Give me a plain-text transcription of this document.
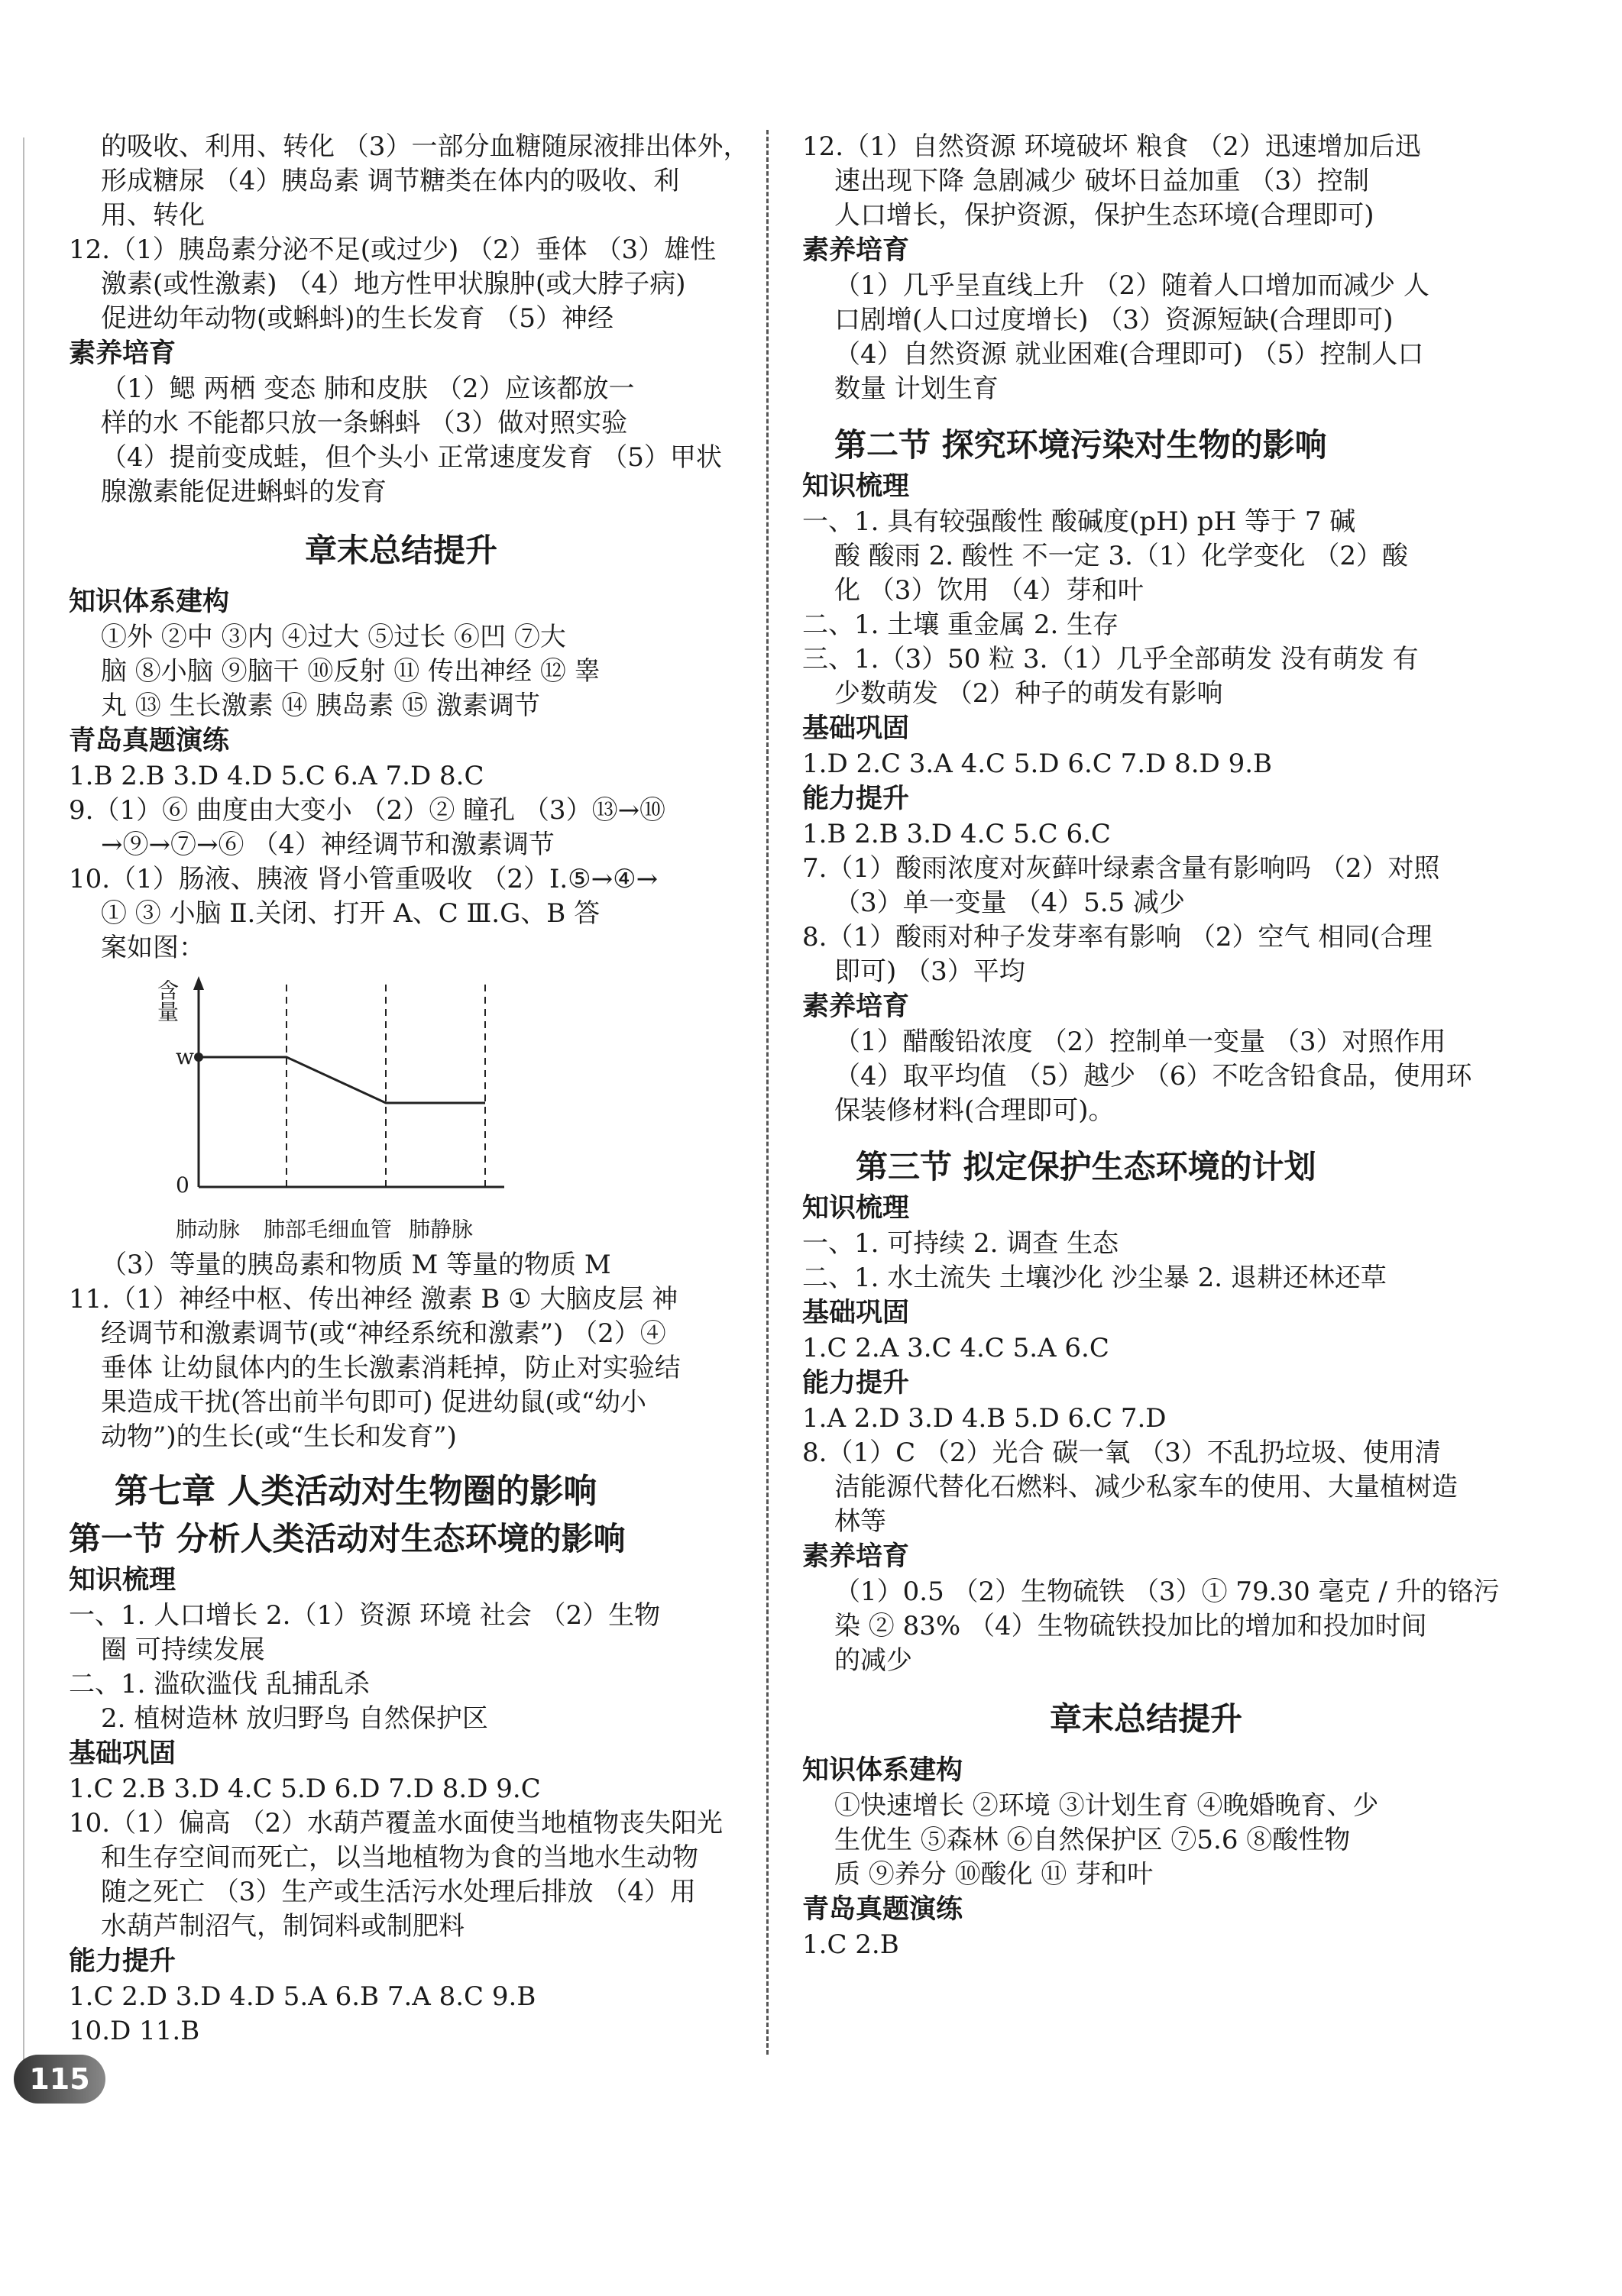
的吸收、利用、转化 （3）一部分血糖随尿液排出体外，

形成糖尿 （4）胰岛素 调节糖类在体内的吸收、利

用、转化

12.（1）胰岛素分泌不足(或过少) （2）垂体 （3）雄性

激素(或性激素) （4）地方性甲状腺肿(或大脖子病)

促进幼年动物(或蝌蚪)的生长发育 （5）神经

素养培育

（1）鳃 两栖 变态 肺和皮肤 （2）应该都放一

样的水 不能都只放一条蝌蚪 （3）做对照实验

（4）提前变成蛙，但个头小 正常速度发育 （5）甲状

腺激素能促进蝌蚪的发育

章末总结提升

知识体系建构

①外 ②中 ③内 ④过大 ⑤过长 ⑥凹 ⑦大

脑 ⑧小脑 ⑨脑干 ⑩反射 ⑪ 传出神经 ⑫ 睾

丸 ⑬ 生长激素 ⑭ 胰岛素 ⑮ 激素调节

青岛真题演练

1.B 2.B 3.D 4.D 5.C 6.A 7.D 8.C

9.（1）⑥ 曲度由大变小 （2）② 瞳孔 （3）⑬→⑩

→⑨→⑦→⑥ （4）神经调节和激素调节

10.（1）肠液、胰液 肾小管重吸收 （2）Ⅰ.⑤→④→

① ③ 小脑 Ⅱ.关闭、打开 A、C Ⅲ.G、B 答

案如图：

含量
w
0
肺动脉 肺部毛细血管 肺静脉

（3）等量的胰岛素和物质 M 等量的物质 M

11.（1）神经中枢、传出神经 激素 B ① 大脑皮层 神

经调节和激素调节(或“神经系统和激素”) （2）④

垂体 让幼鼠体内的生长激素消耗掉，防止对实验结

果造成干扰(答出前半句即可) 促进幼鼠(或“幼小

动物”)的生长(或“生长和发育”)

第七章 人类活动对生物圈的影响

第一节 分析人类活动对生态环境的影响

知识梳理

一、1. 人口增长 2.（1）资源 环境 社会 （2）生物

圈 可持续发展

二、1. 滥砍滥伐 乱捕乱杀

2. 植树造林 放归野鸟 自然保护区

基础巩固

1.C 2.B 3.D 4.C 5.D 6.D 7.D 8.D 9.C

10.（1）偏高 （2）水葫芦覆盖水面使当地植物丧失阳光

和生存空间而死亡，以当地植物为食的当地水生动物

随之死亡 （3）生产或生活污水处理后排放 （4）用

水葫芦制沼气，制饲料或制肥料

能力提升

1.C 2.D 3.D 4.D 5.A 6.B 7.A 8.C 9.B

10.D 11.B

12.（1）自然资源 环境破坏 粮食 （2）迅速增加后迅

速出现下降 急剧减少 破坏日益加重 （3）控制

人口增长，保护资源，保护生态环境(合理即可)

素养培育

（1）几乎呈直线上升 （2）随着人口增加而减少 人

口剧增(人口过度增长) （3）资源短缺(合理即可)

（4）自然资源 就业困难(合理即可) （5）控制人口

数量 计划生育

第二节 探究环境污染对生物的影响

知识梳理

一、1. 具有较强酸性 酸碱度(pH) pH 等于 7 碱

酸 酸雨 2. 酸性 不一定 3.（1）化学变化 （2）酸

化 （3）饮用 （4）芽和叶

二、1. 土壤 重金属 2. 生存

三、1.（3）50 粒 3.（1）几乎全部萌发 没有萌发 有

少数萌发 （2）种子的萌发有影响

基础巩固

1.D 2.C 3.A 4.C 5.D 6.C 7.D 8.D 9.B

能力提升

1.B 2.B 3.D 4.C 5.C 6.C

7.（1）酸雨浓度对灰藓叶绿素含量有影响吗 （2）对照

（3）单一变量 （4）5.5 减少

8.（1）酸雨对种子发芽率有影响 （2）空气 相同(合理

即可) （3）平均

素养培育

（1）醋酸铅浓度 （2）控制单一变量 （3）对照作用

（4）取平均值 （5）越少 （6）不吃含铅食品，使用环

保装修材料(合理即可)。

第三节 拟定保护生态环境的计划

知识梳理

一、1. 可持续 2. 调查 生态

二、1. 水土流失 土壤沙化 沙尘暴 2. 退耕还林还草

基础巩固

1.C 2.A 3.C 4.C 5.A 6.C

能力提升

1.A 2.D 3.D 4.B 5.D 6.C 7.D

8.（1）C （2）光合 碳一氧 （3）不乱扔垃圾、使用清

洁能源代替化石燃料、减少私家车的使用、大量植树造

林等

素养培育

（1）0.5 （2）生物硫铁 （3）① 79.30 毫克 / 升的铬污

染 ② 83% （4）生物硫铁投加比的增加和投加时间

的减少

章末总结提升

知识体系建构

①快速增长 ②环境 ③计划生育 ④晚婚晚育、少

生优生 ⑤森林 ⑥自然保护区 ⑦5.6 ⑧酸性物

质 ⑨养分 ⑩酸化 ⑪ 芽和叶

青岛真题演练

1.C 2.B

115
